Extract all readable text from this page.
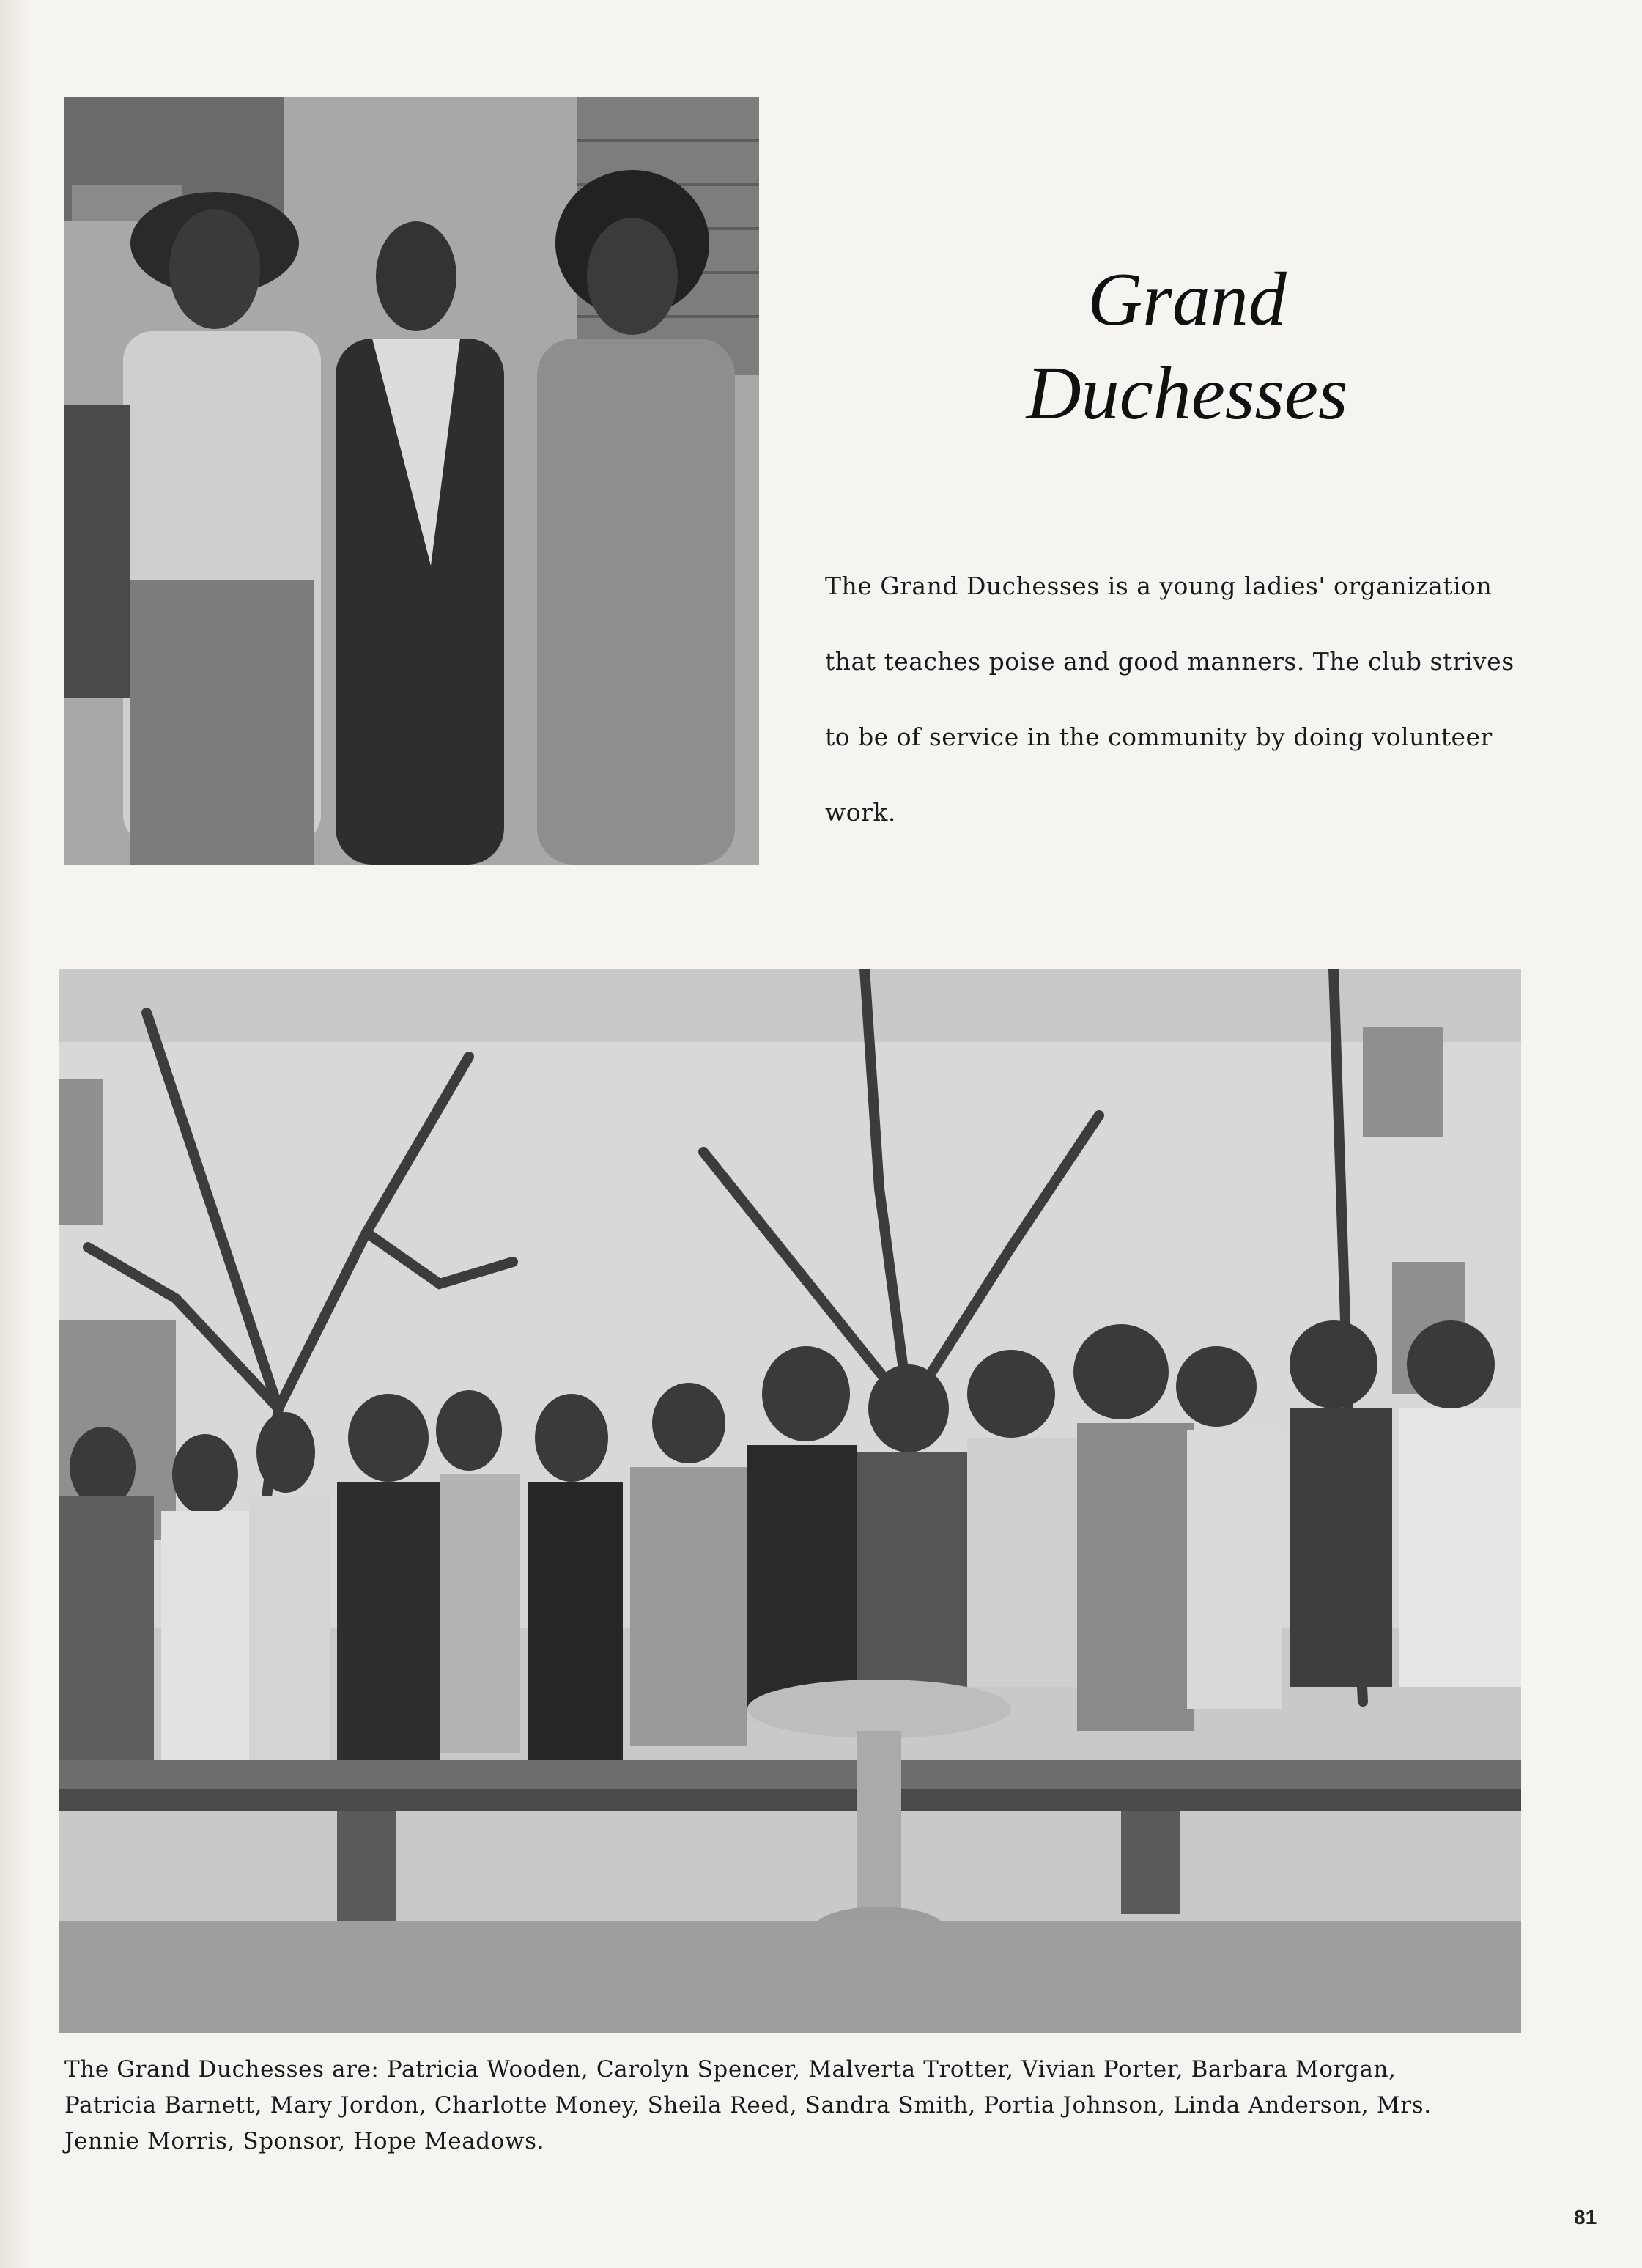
Grand
Duchesses
The Grand Duchesses is a young ladies' organization that teaches poise and good manners. The club strives to be of service in the community by doing volunteer work.
The Grand Duchesses are: Patricia Wooden, Carolyn Spencer, Malverta Trotter, Vivian Porter, Barbara Morgan, Patricia Barnett, Mary Jordon, Charlotte Money, Sheila Reed, Sandra Smith, Portia Johnson, Linda Anderson, Mrs. Jennie Morris, Sponsor, Hope Meadows.
81
